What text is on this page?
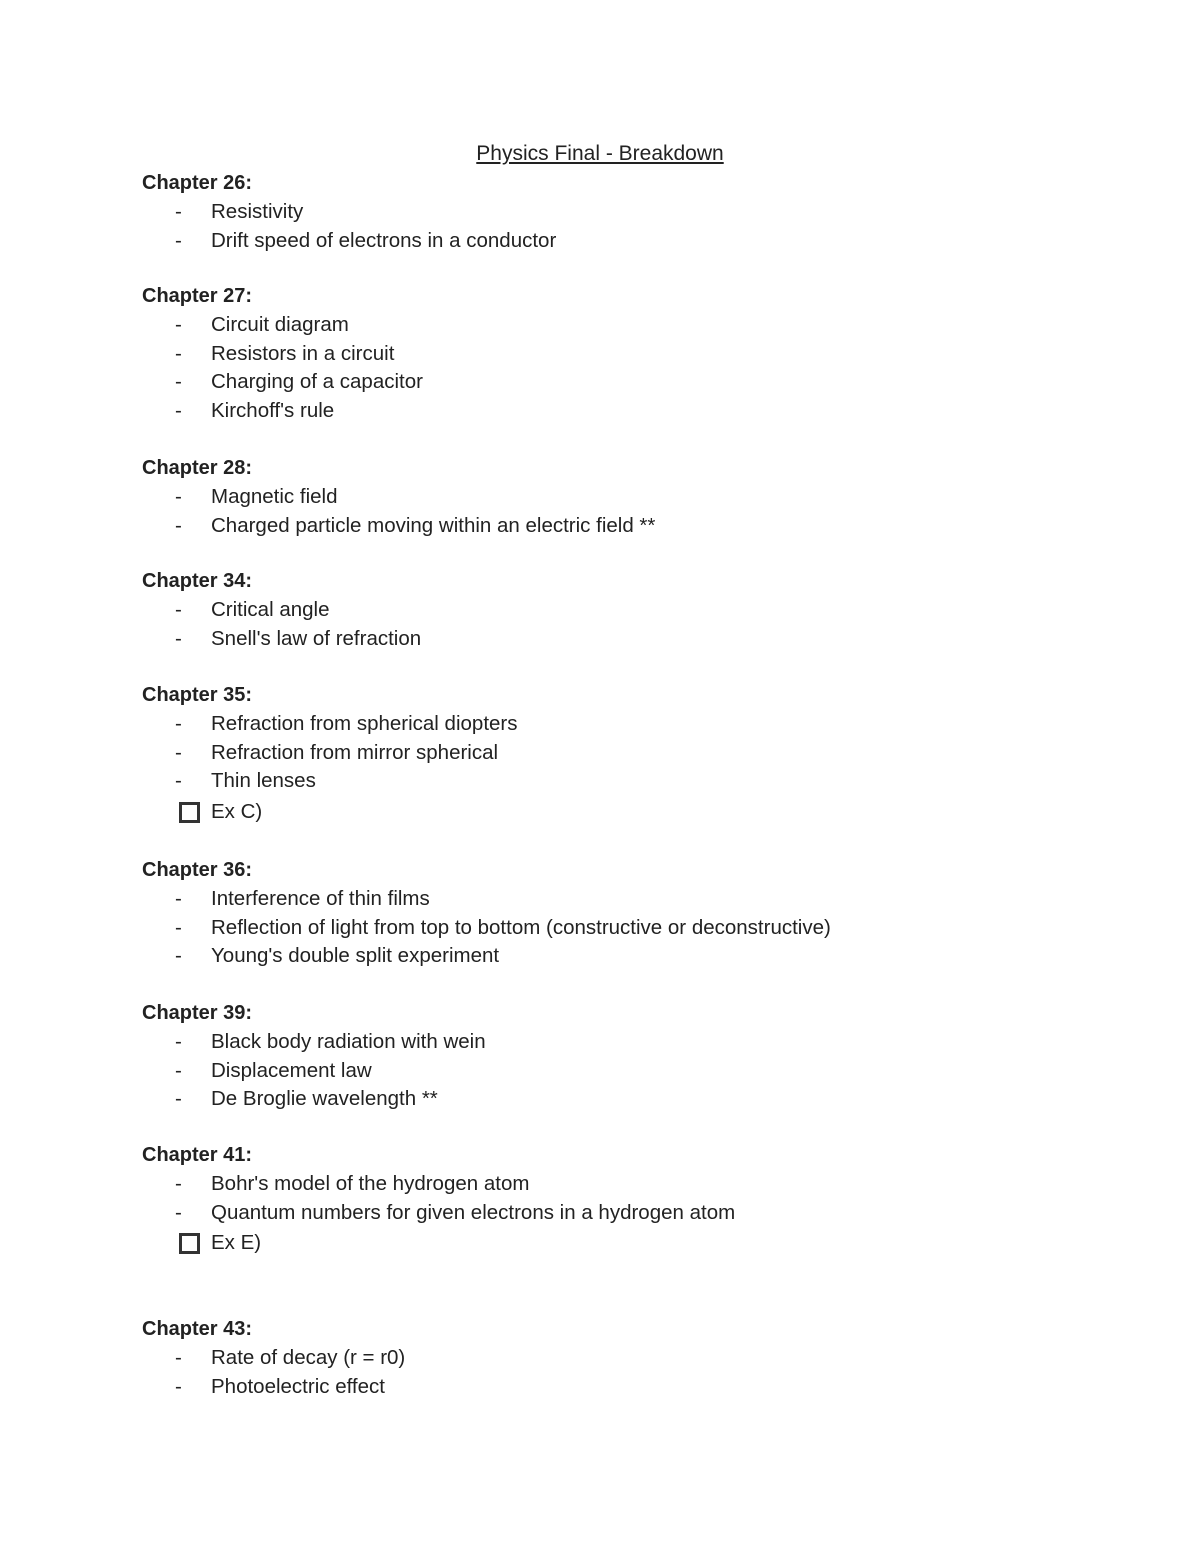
Physics Final - Breakdown
Chapter 26:
- Resistivity
- Drift speed of electrons in a conductor
Chapter 27:
- Circuit diagram
- Resistors in a circuit
- Charging of a capacitor
- Kirchoff's rule
Chapter 28:
- Magnetic field
- Charged particle moving within an electric field **
Chapter 34:
- Critical angle
- Snell's law of refraction
Chapter 35:
- Refraction from spherical diopters
- Refraction from mirror spherical
- Thin lenses
Ex C)
Chapter 36:
- Interference of thin films
- Reflection of light from top to bottom (constructive or deconstructive)
- Young's double split experiment
Chapter 39:
- Black body radiation with wein
- Displacement law
- De Broglie wavelength **
Chapter 41:
- Bohr's model of the hydrogen atom
- Quantum numbers for given electrons in a hydrogen atom
Ex E)
Chapter 43:
- Rate of decay (r = r0)
- Photoelectric effect
